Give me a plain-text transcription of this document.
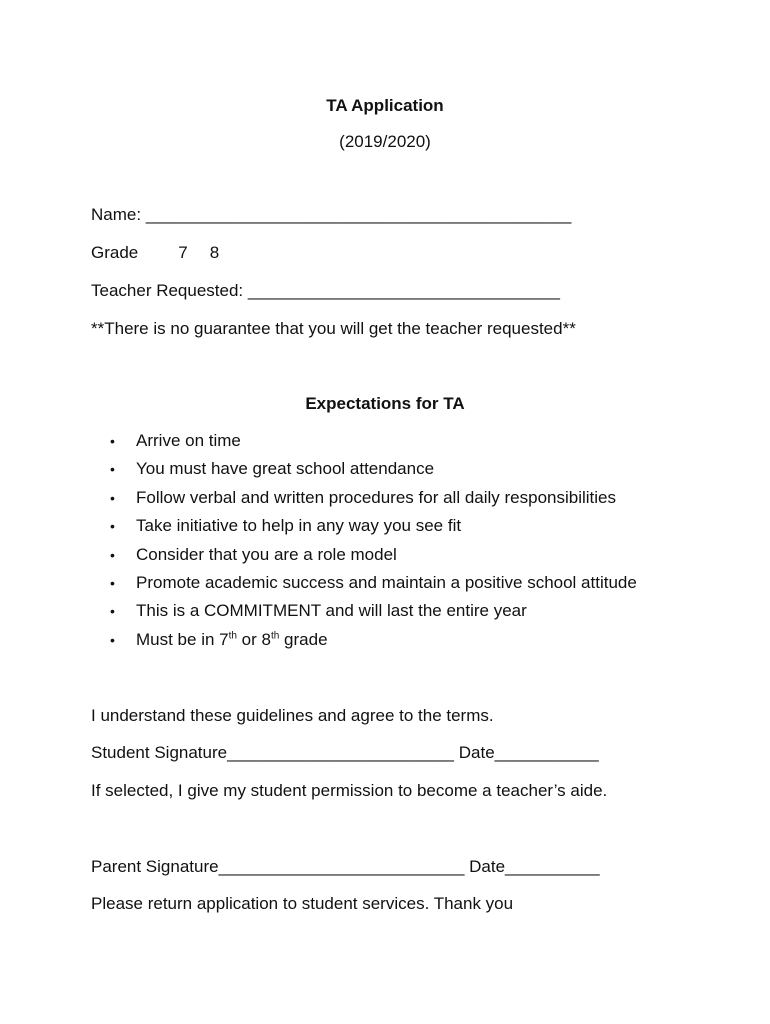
TA Application
(2019/2020)
Name: _____________________________________________
Grade 7 8
Teacher Requested: _________________________________
**There is no guarantee that you will get the teacher requested**
Expectations for TA
• Arrive on time
• You must have great school attendance
• Follow verbal and written procedures for all daily responsibilities
• Take initiative to help in any way you see fit
• Consider that you are a role model
• Promote academic success and maintain a positive school attitude
• This is a COMMITMENT and will last the entire year
• Must be in 7th or 8th grade
I understand these guidelines and agree to the terms.
Student Signature________________________ Date___________
If selected, I give my student permission to become a teacher’s aide.
Parent Signature__________________________ Date__________
Please return application to student services. Thank you
